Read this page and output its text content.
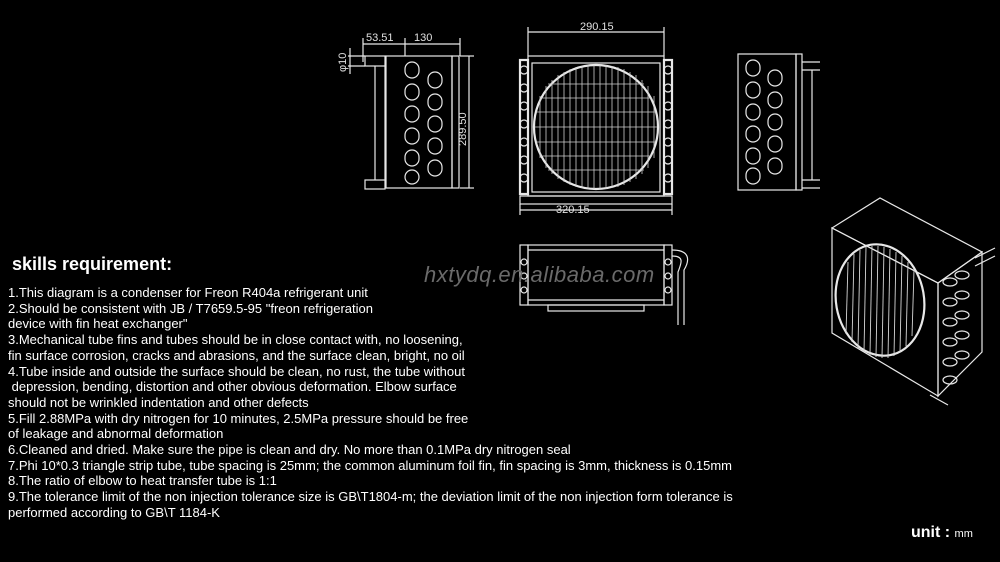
53.51 130
φ10
289.50
290.15
320.15
hxtydq.en.alibaba.com
skills requirement:
1.This diagram is a condenser for Freon R404a refrigerant unit
2.Should be consistent with JB / T7659.5-95 "freon refrigeration
device with fin heat exchanger"
3.Mechanical tube fins and tubes should be in close contact with, no loosening,
fin surface corrosion, cracks and abrasions, and the surface clean, bright, no oil
4.Tube inside and outside the surface should be clean, no rust, the tube without
depression, bending, distortion and other obvious deformation. Elbow surface
should not be wrinkled indentation and other defects
5.Fill 2.88MPa with dry nitrogen for 10 minutes, 2.5MPa pressure should be free
of leakage and abnormal deformation
6.Cleaned and dried. Make sure the pipe is clean and dry. No more than 0.1MPa dry nitrogen seal
7.Phi 10*0.3 triangle strip tube, tube spacing is 25mm; the common aluminum foil fin, fin spacing is 3mm, thickness is 0.15mm
8.The ratio of elbow to heat transfer tube is 1:1
9.The tolerance limit of the non injection tolerance size is GB\T1804-m; the deviation limit of the non injection form tolerance is
performed according to GB\T 1184-K
unit : mm
